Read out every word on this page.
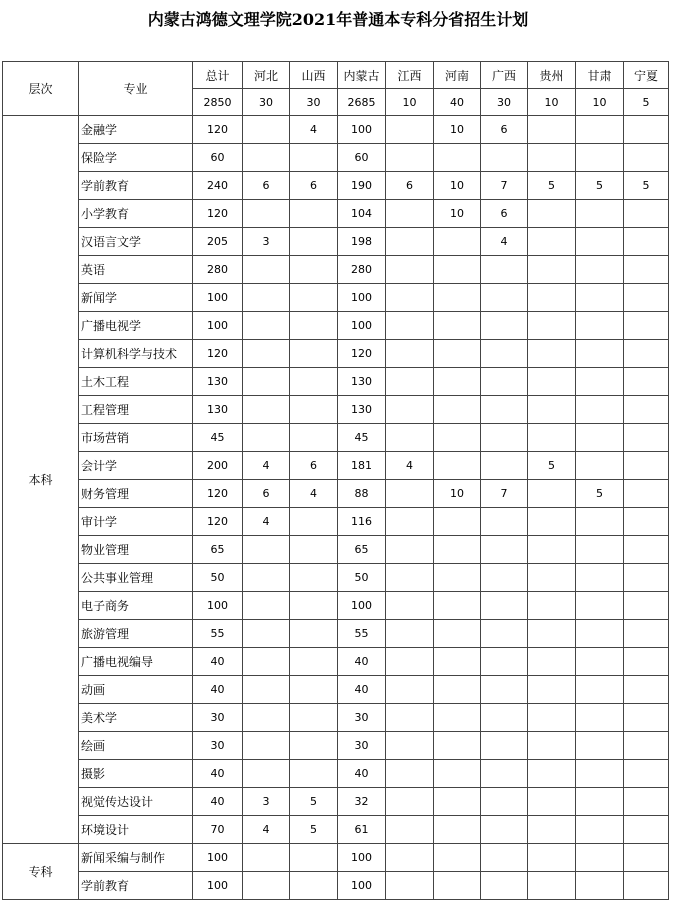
内蒙古鸿德文理学院2021年普通本专科分省招生计划
层次	专业	总计	河北	山西	内蒙古	江西	河南	广西	贵州	甘肃	宁夏
		2850	30	30	2685	10	40	30	10	10	5
本科	金融学	120		4	100		10	6			
	保险学	60			60						
	学前教育	240	6	6	190	6	10	7	5	5	5
	小学教育	120			104		10	6			
	汉语言文学	205	3		198			4			
	英语	280			280						
	新闻学	100			100						
	广播电视学	100			100						
	计算机科学与技术	120			120						
	土木工程	130			130						
	工程管理	130			130						
	市场营销	45			45						
	会计学	200	4	6	181	4			5		
	财务管理	120	6	4	88		10	7		5	
	审计学	120	4		116						
	物业管理	65			65						
	公共事业管理	50			50						
	电子商务	100			100						
	旅游管理	55			55						
	广播电视编导	40			40						
	动画	40			40						
	美术学	30			30						
	绘画	30			30						
	摄影	40			40						
	视觉传达设计	40	3	5	32						
	环境设计	70	4	5	61						
专科	新闻采编与制作	100			100						
	学前教育	100			100						
